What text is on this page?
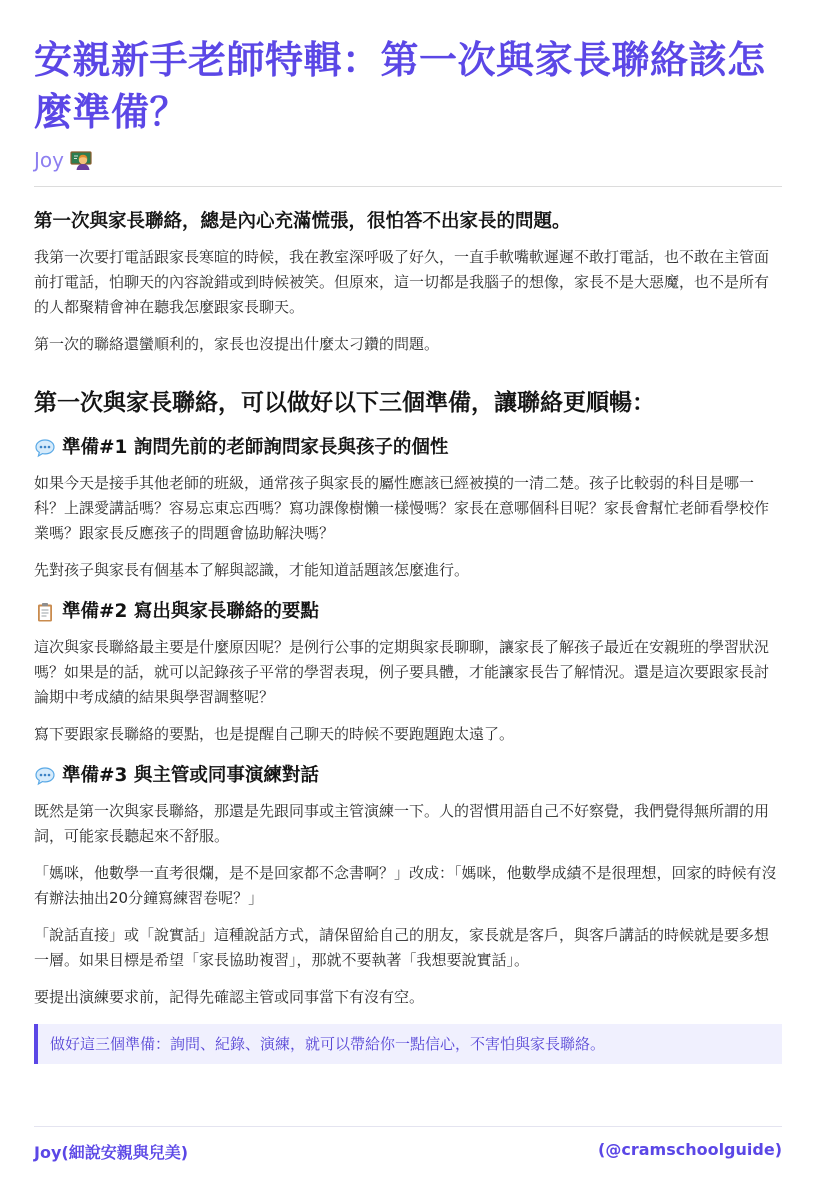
安親新手老師特輯：第一次與家長聯絡該怎麼準備？
Joy
第一次與家長聯絡，總是內心充滿慌張，很怕答不出家長的問題。

我第一次要打電話跟家長寒暄的時候，我在教室深呼吸了好久，一直手軟嘴軟遲遲不敢打電話，也不敢在主管面前打電話，怕聊天的內容說錯或到時候被笑。但原來，這一切都是我腦子的想像，家長不是大惡魔，也不是所有的人都聚精會神在聽我怎麼跟家長聊天。

第一次的聯絡還蠻順利的，家長也沒提出什麼太刁鑽的問題。

第一次與家長聯絡，可以做好以下三個準備，讓聯絡更順暢：
準備#1 詢問先前的老師詢問家長與孩子的個性

如果今天是接手其他老師的班級，通常孩子與家長的屬性應該已經被摸的一清二楚。孩子比較弱的科目是哪一科？上課愛講話嗎？容易忘東忘西嗎？寫功課像樹懶一樣慢嗎？家長在意哪個科目呢？家長會幫忙老師看學校作業嗎？跟家長反應孩子的問題會協助解決嗎？

先對孩子與家長有個基本了解與認識，才能知道話題該怎麼進行。

準備#2 寫出與家長聯絡的要點

這次與家長聯絡最主要是什麼原因呢？是例行公事的定期與家長聊聊，讓家長了解孩子最近在安親班的學習狀況嗎？如果是的話，就可以記錄孩子平常的學習表現，例子要具體，才能讓家長告了解情況。還是這次要跟家長討論期中考成績的結果與學習調整呢？

寫下要跟家長聯絡的要點，也是提醒自己聊天的時候不要跑題跑太遠了。

準備#3 與主管或同事演練對話

既然是第一次與家長聯絡，那還是先跟同事或主管演練一下。人的習慣用語自己不好察覺，我們覺得無所謂的用詞，可能家長聽起來不舒服。

「媽咪，他數學一直考很爛，是不是回家都不念書啊？」改成：「媽咪，他數學成績不是很理想，回家的時候有沒有辦法抽出20分鐘寫練習卷呢？」

「說話直接」或「說實話」這種說話方式，請保留給自己的朋友，家長就是客戶，與客戶講話的時候就是要多想一層。如果目標是希望「家長協助複習」，那就不要執著「我想要說實話」。

要提出演練要求前，記得先確認主管或同事當下有沒有空。

做好這三個準備：詢問、紀錄、演練，就可以帶給你一點信心，不害怕與家長聯絡。
Joy(細說安親與兒美)	(@cramschoolguide)
